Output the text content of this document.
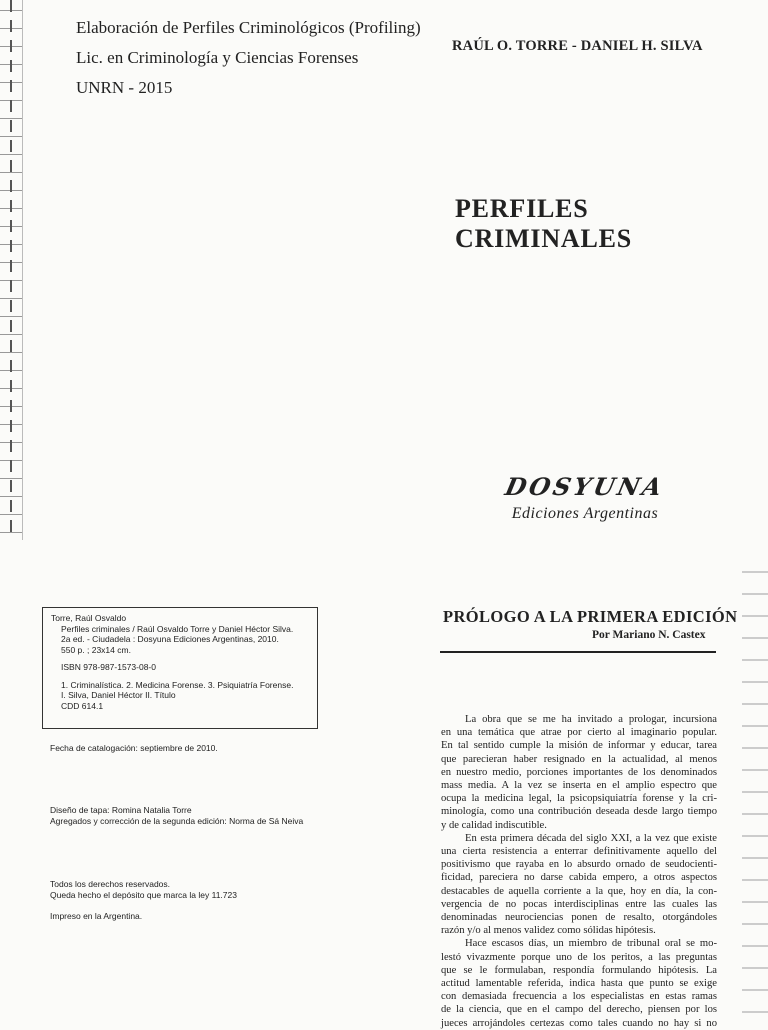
Elaboración de Perfiles Criminológicos (Profiling)
Lic. en Criminología y Ciencias Forenses
UNRN - 2015
RAÚL O. TORRE - DANIEL H. SILVA
PERFILES CRIMINALES
DOSYUNA
Ediciones Argentinas
Torre, Raúl Osvaldo
Perfiles criminales / Raúl Osvaldo Torre y Daniel Héctor Silva.
2a ed. - Ciudadela : Dosyuna Ediciones Argentinas, 2010.
550 p. ; 23x14 cm.
ISBN 978-987-1573-08-0
1. Criminalística. 2. Medicina Forense. 3. Psiquiatría Forense.
I. Silva, Daniel Héctor II. Título
CDD 614.1
Fecha de catalogación: septiembre de 2010.
Diseño de tapa: Romina Natalia Torre
Agregados y corrección de la segunda edición: Norma de Sá Neiva
Todos los derechos reservados.
Queda hecho el depósito que marca la ley 11.723
Impreso en la Argentina.
PRÓLOGO A LA PRIMERA EDICIÓN
Por Mariano N. Castex
La obra que se me ha invitado a prologar, incursiona
en una temática que atrae por cierto al imaginario popular.
En tal sentido cumple la misión de informar y educar, tarea
que parecieran haber resignado en la actualidad, al menos
en nuestro medio, porciones importantes de los denominados
mass media. A la vez se inserta en el amplio espectro que
ocupa la medicina legal, la psicopsiquiatría forense y la cri-
minología, como una contribución deseada desde largo tiempo
y de calidad indiscutible.
En esta primera década del siglo XXI, a la vez que existe
una cierta resistencia a enterrar definitivamente aquello del
positivismo que rayaba en lo absurdo ornado de seudocienti-
ficidad, pareciera no darse cabida empero, a otros aspectos
destacables de aquella corriente a la que, hoy en día, la con-
vergencia de no pocas interdisciplinas entre las cuales las
denominadas neurociencias ponen de resalto, otorgándoles
razón y/o al menos validez como sólidas hipótesis.
Hace escasos días, un miembro de tribunal oral se mo-
lestó vivazmente porque uno de los peritos, a las preguntas
que se le formulaban, respondía formulando hipótesis. La
actitud lamentable referida, indica hasta que punto se exige
con demasiada frecuencia a los especialistas en estas ramas
de la ciencia, que en el campo del derecho, piensen por los
jueces arrojándoles certezas como tales cuando no hay si no
